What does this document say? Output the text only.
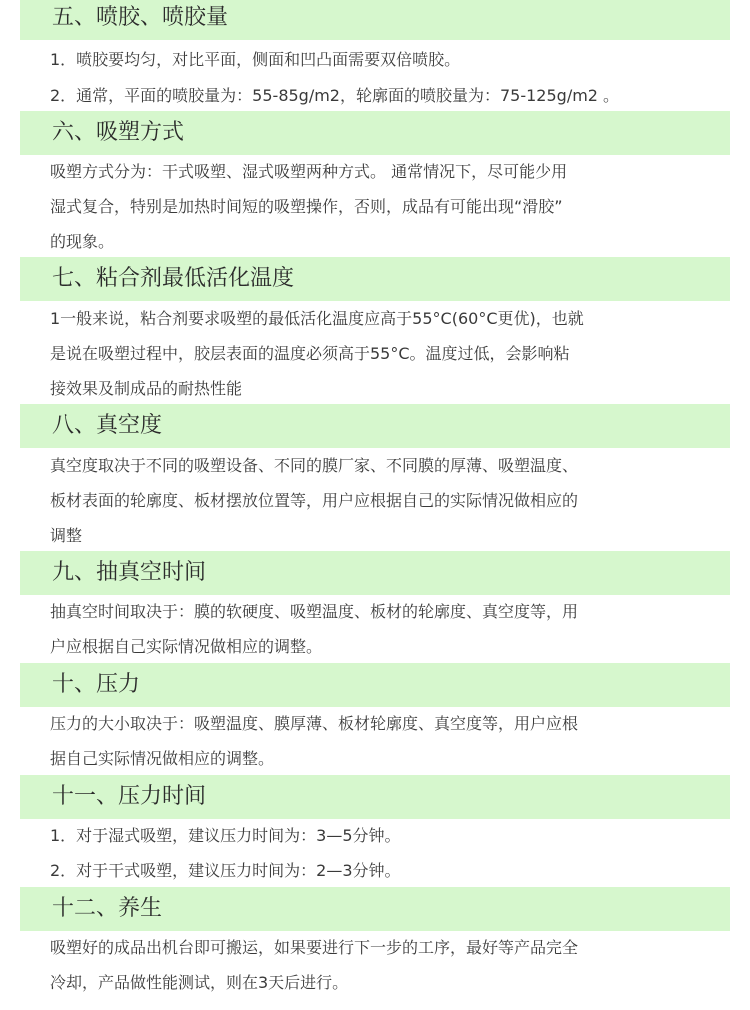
五、喷胶、喷胶量
1．喷胶要均匀，对比平面，侧面和凹凸面需要双倍喷胶。
2．通常，平面的喷胶量为：55-85g/m2，轮廓面的喷胶量为：75-125g/m2 。
六、吸塑方式
吸塑方式分为：干式吸塑、湿式吸塑两种方式。 通常情况下，尽可能少用
湿式复合，特别是加热时间短的吸塑操作，否则，成品有可能出现“滑胶”
的现象。
七、粘合剂最低活化温度
1一般来说，粘合剂要求吸塑的最低活化温度应高于55°C(60°C更优)，也就
是说在吸塑过程中，胶层表面的温度必须高于55°C。温度过低，会影响粘
接效果及制成品的耐热性能
八、真空度
真空度取决于不同的吸塑设备、不同的膜厂家、不同膜的厚薄、吸塑温度、
板材表面的轮廓度、板材摆放位置等，用户应根据自己的实际情况做相应的
调整
九、抽真空时间
抽真空时间取决于：膜的软硬度、吸塑温度、板材的轮廓度、真空度等，用
户应根据自己实际情况做相应的调整。
十、压力
压力的大小取决于：吸塑温度、膜厚薄、板材轮廓度、真空度等，用户应根
据自己实际情况做相应的调整。
十一、压力时间
1．对于湿式吸塑，建议压力时间为：3—5分钟。
2．对于干式吸塑，建议压力时间为：2—3分钟。
十二、养生
吸塑好的成品出机台即可搬运，如果要进行下一步的工序，最好等产品完全
冷却，产品做性能测试，则在3天后进行。
